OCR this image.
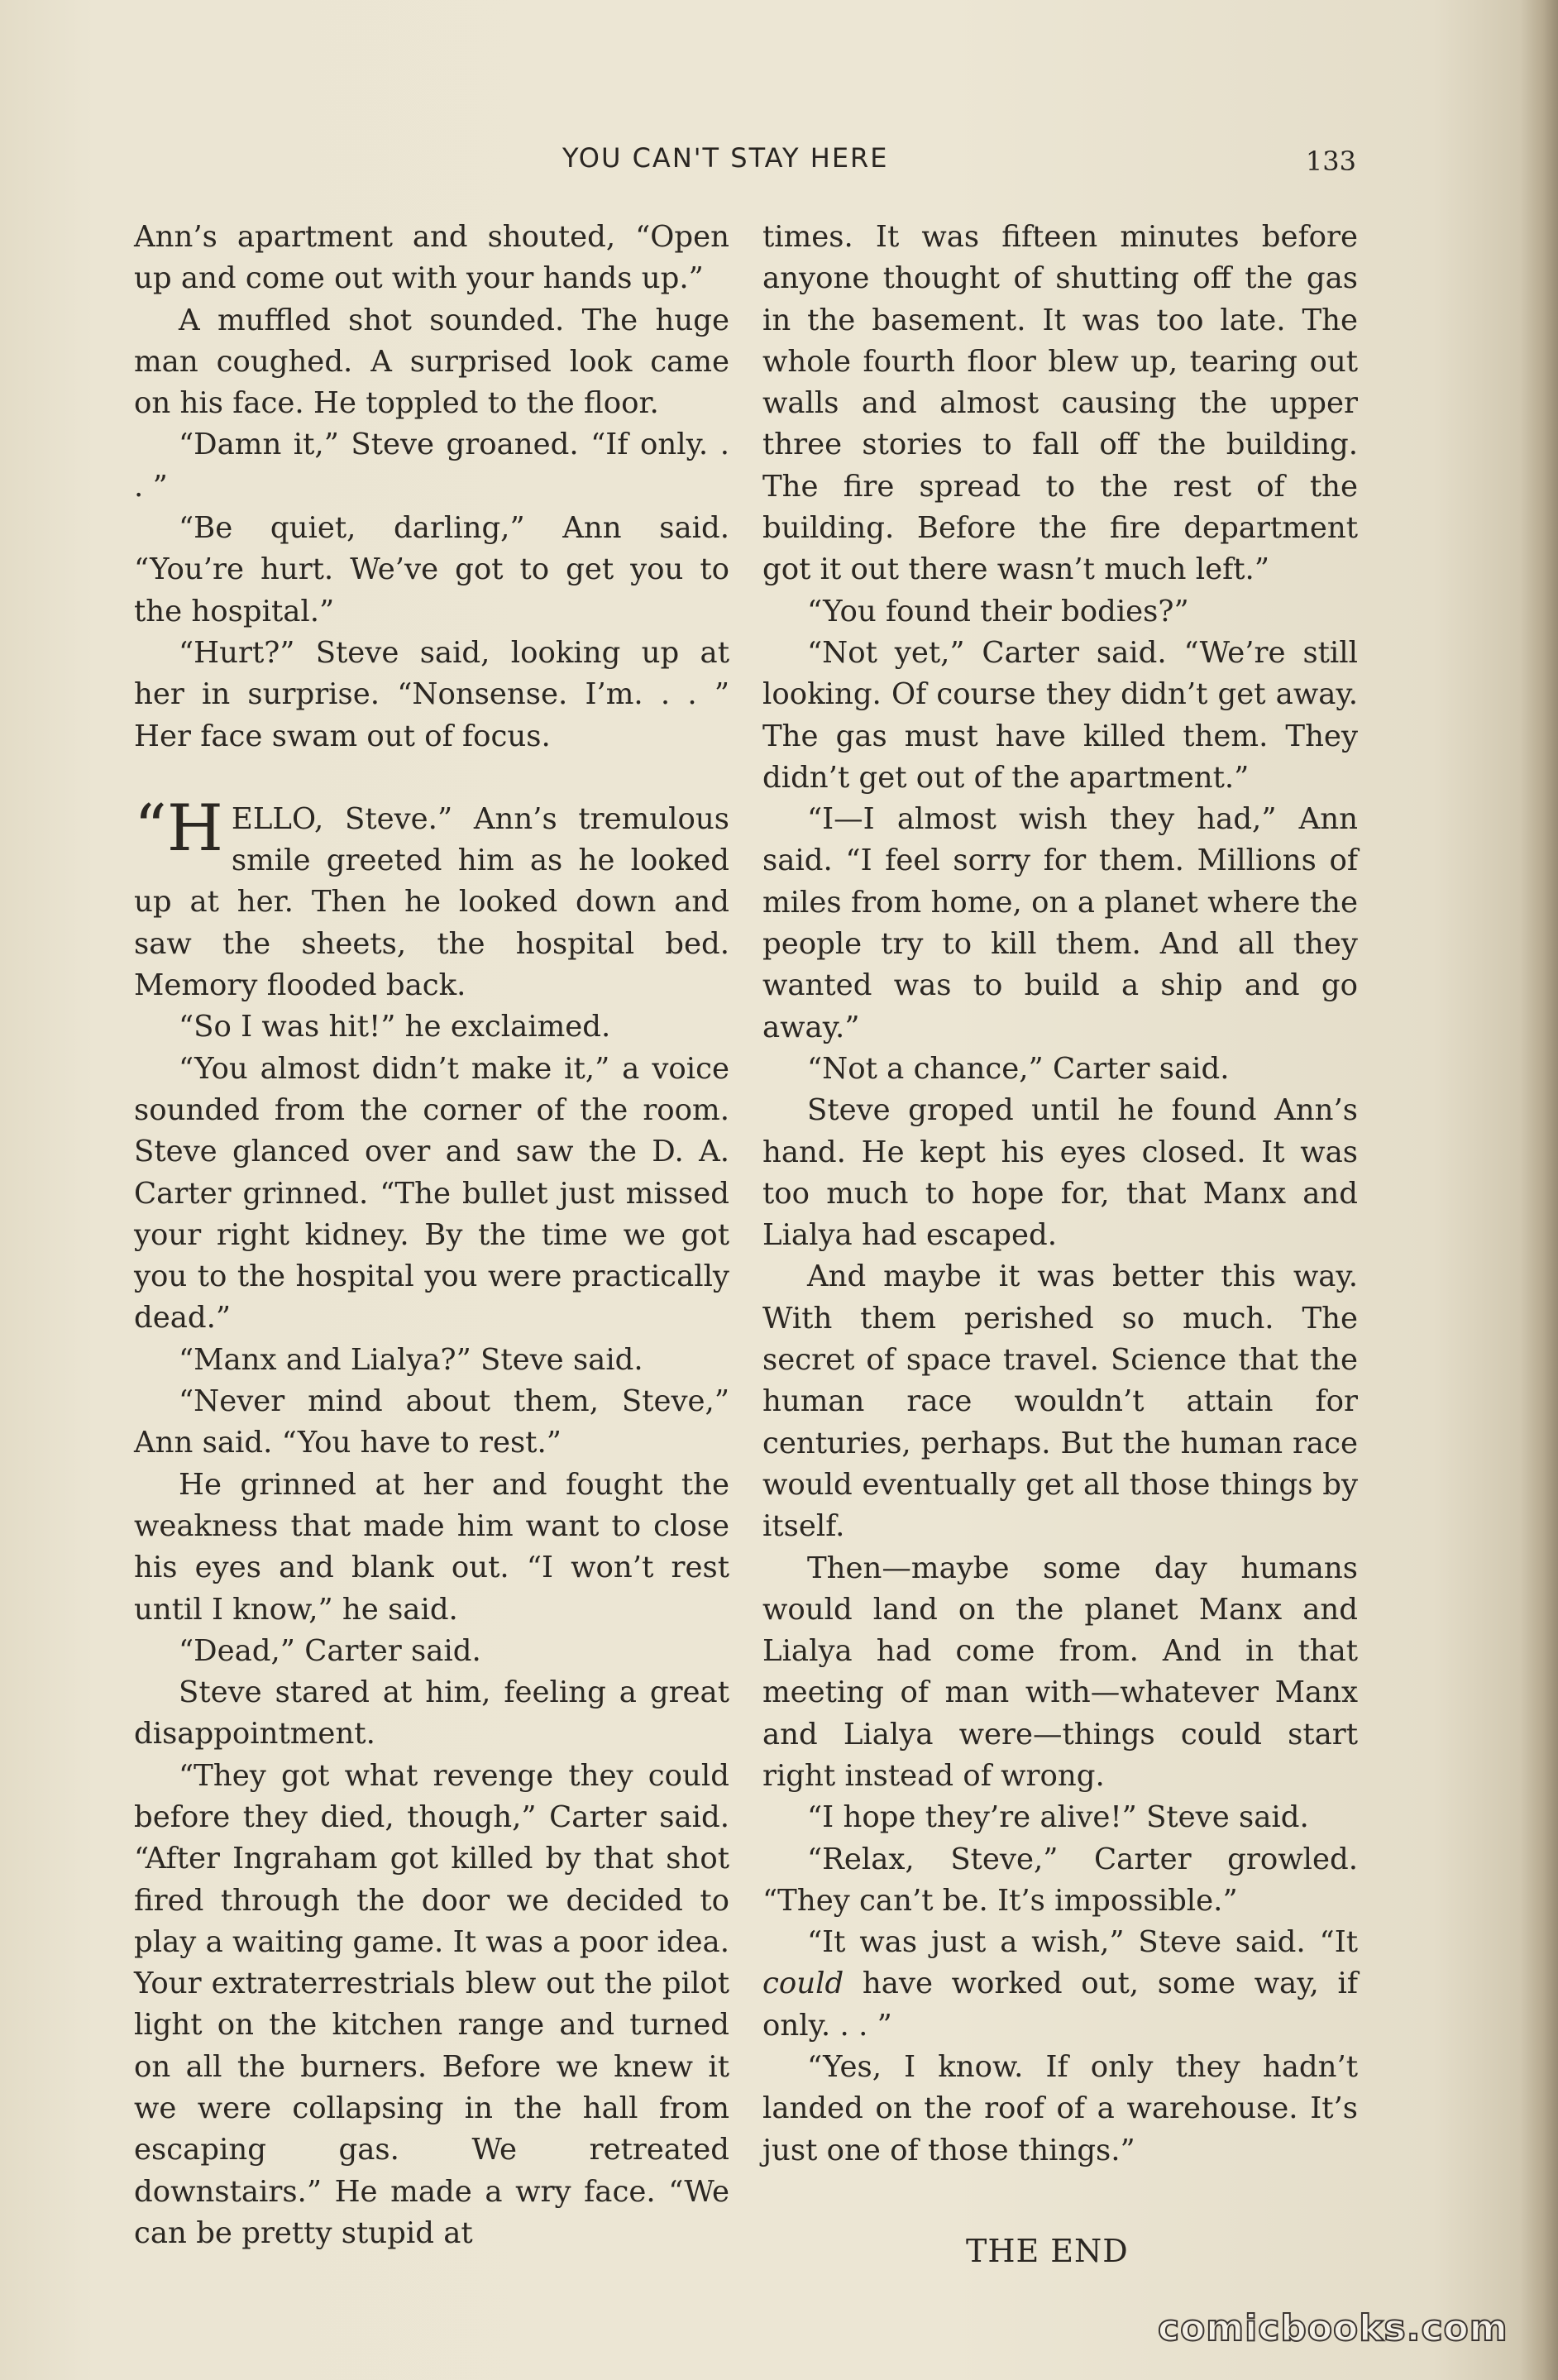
YOU CAN'T STAY HERE	133

Ann’s apartment and shouted, “Open up and come out with your hands up.”

A muffled shot sounded. The huge man coughed. A surprised look came on his face. He toppled to the floor.

“Damn it,” Steve groaned. “If only. . . ”

“Be quiet, darling,” Ann said. “You’re hurt. We’ve got to get you to the hospital.”

“Hurt?” Steve said, looking up at her in surprise. “Nonsense. I’m. . . ” Her face swam out of focus.

“HELLO, Steve.” Ann’s tremulous smile greeted him as he looked up at her. Then he looked down and saw the sheets, the hospital bed. Memory flooded back.

“So I was hit!” he exclaimed.

“You almost didn’t make it,” a voice sounded from the corner of the room. Steve glanced over and saw the D. A. Carter grinned. “The bullet just missed your right kidney. By the time we got you to the hospital you were practically dead.”

“Manx and Lialya?” Steve said.

“Never mind about them, Steve,” Ann said. “You have to rest.”

He grinned at her and fought the weakness that made him want to close his eyes and blank out. “I won’t rest until I know,” he said.

“Dead,” Carter said.

Steve stared at him, feeling a great disappointment.

“They got what revenge they could before they died, though,” Carter said. “After Ingraham got killed by that shot fired through the door we decided to play a waiting game. It was a poor idea. Your extraterrestrials blew out the pilot light on the kitchen range and turned on all the burners. Before we knew it we were collapsing in the hall from escaping gas. We retreated downstairs.” He made a wry face. “We can be pretty stupid at

times. It was fifteen minutes before anyone thought of shutting off the gas in the basement. It was too late. The whole fourth floor blew up, tearing out walls and almost causing the upper three stories to fall off the building. The fire spread to the rest of the building. Before the fire department got it out there wasn’t much left.”

“You found their bodies?”

“Not yet,” Carter said. “We’re still looking. Of course they didn’t get away. The gas must have killed them. They didn’t get out of the apartment.”

“I—I almost wish they had,” Ann said. “I feel sorry for them. Millions of miles from home, on a planet where the people try to kill them. And all they wanted was to build a ship and go away.”

“Not a chance,” Carter said.

Steve groped until he found Ann’s hand. He kept his eyes closed. It was too much to hope for, that Manx and Lialya had escaped.

And maybe it was better this way. With them perished so much. The secret of space travel. Science that the human race wouldn’t attain for centuries, perhaps. But the human race would eventually get all those things by itself.

Then—maybe some day humans would land on the planet Manx and Lialya had come from. And in that meeting of man with—whatever Manx and Lialya were—things could start right instead of wrong.

“I hope they’re alive!” Steve said.

“Relax, Steve,” Carter growled. “They can’t be. It’s impossible.”

“It was just a wish,” Steve said. “It could have worked out, some way, if only. . . ”

“Yes, I know. If only they hadn’t landed on the roof of a warehouse. It’s just one of those things.”

THE END
comicbooks.com
